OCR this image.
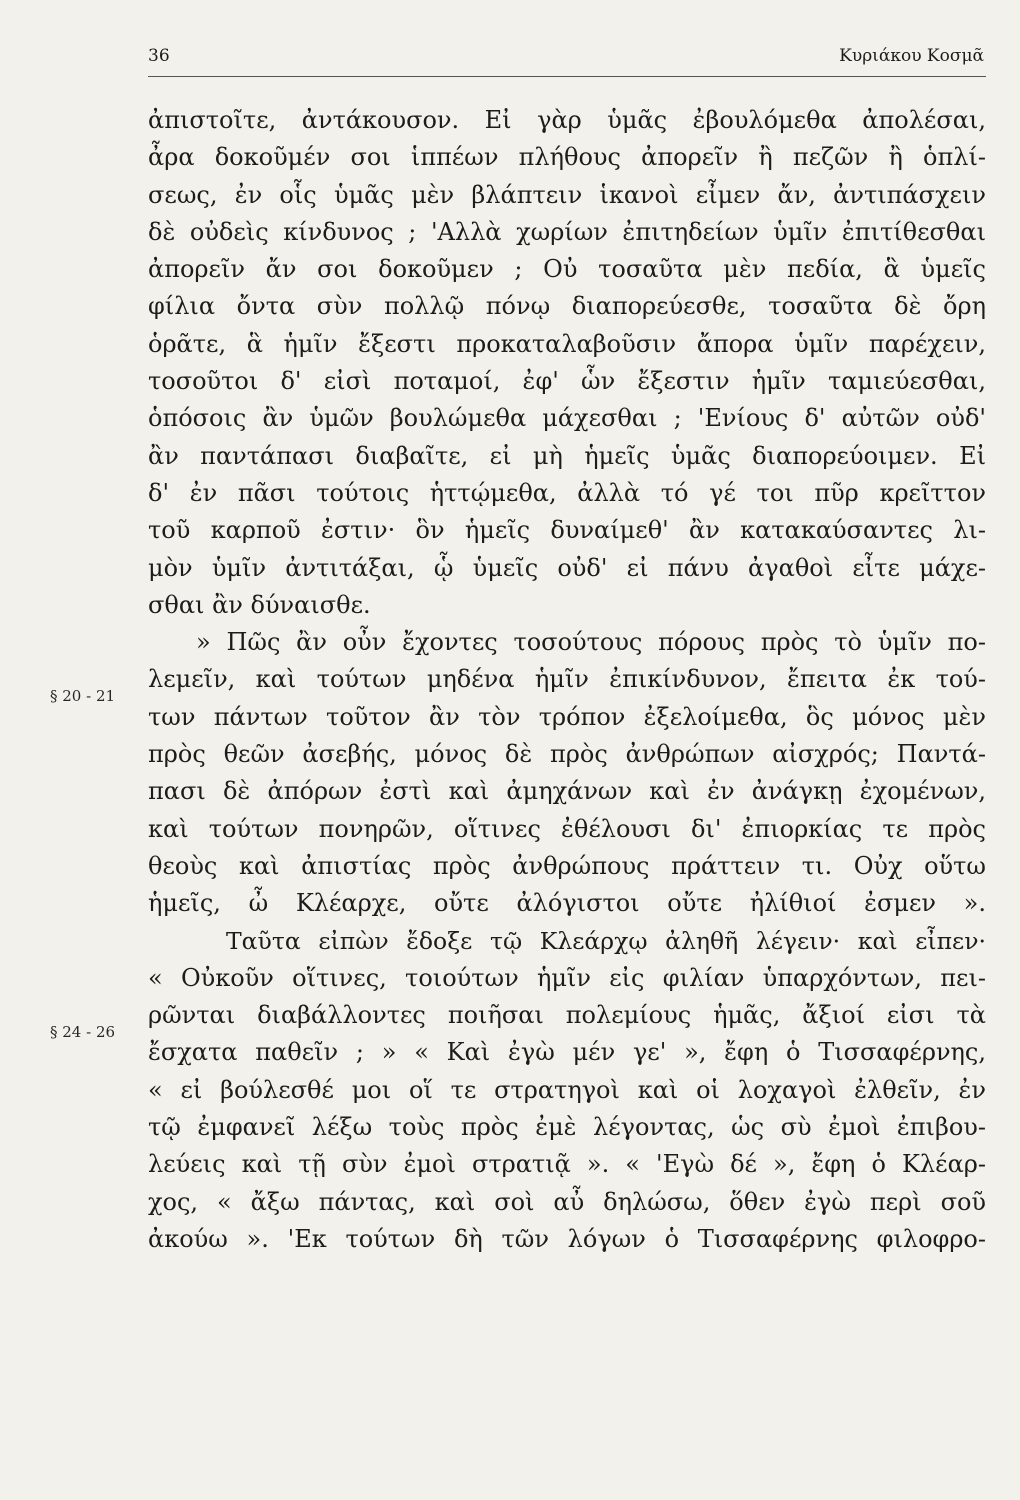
36	Κυριάκου Κοσμᾶ
§ 20 - 21
§ 24 - 26
ἀπιστοῖτε, ἀντάκουσον. Εἰ γὰρ ὑμᾶς ἐβουλόμεθα ἀπολέσαι,
ἆρα δοκοῦμέν σοι ἱππέων πλήθους ἀπορεῖν ἢ πεζῶν ἢ ὁπλί-
σεως, ἐν οἷς ὑμᾶς μὲν βλάπτειν ἱκανοὶ εἶμεν ἄν, ἀντιπάσχειν
δὲ οὐδεὶς κίνδυνος ; 'Αλλὰ χωρίων ἐπιτηδείων ὑμῖν ἐπιτίθεσθαι
ἀπορεῖν ἄν σοι δοκοῦμεν ; Οὐ τοσαῦτα μὲν πεδία, ἃ ὑμεῖς
φίλια ὄντα σὺν πολλῷ πόνῳ διαπορεύεσθε, τοσαῦτα δὲ ὄρη
ὁρᾶτε, ἃ ἡμῖν ἔξεστι προκαταλαβοῦσιν ἄπορα ὑμῖν παρέχειν,
τοσοῦτοι δ' εἰσὶ ποταμοί, ἐφ' ὧν ἔξεστιν ἡμῖν ταμιεύεσθαι,
ὁπόσοις ἂν ὑμῶν βουλώμεθα μάχεσθαι ; 'Ενίους δ' αὐτῶν οὐδ'
ἂν παντάπασι διαβαῖτε, εἰ μὴ ἡμεῖς ὑμᾶς διαπορεύοιμεν. Εἰ
δ' ἐν πᾶσι τούτοις ἡττῴμεθα, ἀλλὰ τό γέ τοι πῦρ κρεῖττον
τοῦ καρποῦ ἐστιν· ὃν ἡμεῖς δυναίμεθ' ἂν κατακαύσαντες λι-
μὸν ὑμῖν ἀντιτάξαι, ᾧ ὑμεῖς οὐδ' εἰ πάνυ ἀγαθοὶ εἶτε μάχε-
σθαι ἂν δύναισθε.
» Πῶς ἂν οὖν ἔχοντες τοσούτους πόρους πρὸς τὸ ὑμῖν πο-
λεμεῖν, καὶ τούτων μηδένα ἡμῖν ἐπικίνδυνον, ἔπειτα ἐκ τού-
των πάντων τοῦτον ἂν τὸν τρόπον ἐξελοίμεθα, ὃς μόνος μὲν
πρὸς θεῶν ἀσεβής, μόνος δὲ πρὸς ἀνθρώπων αἰσχρός; Παντά-
πασι δὲ ἀπόρων ἐστὶ καὶ ἀμηχάνων καὶ ἐν ἀνάγκῃ ἐχομένων,
καὶ τούτων πονηρῶν, οἵτινες ἐθέλουσι δι' ἐπιορκίας τε πρὸς
θεοὺς καὶ ἀπιστίας πρὸς ἀνθρώπους πράττειν τι. Οὐχ οὕτω
ἡμεῖς, ὦ Κλέαρχε, οὔτε ἀλόγιστοι οὔτε ἠλίθιοί ἐσμεν ».
Ταῦτα εἰπὼν ἔδοξε τῷ Κλεάρχῳ ἀληθῆ λέγειν· καὶ εἶπεν·
« Οὐκοῦν οἵτινες, τοιούτων ἡμῖν εἰς φιλίαν ὑπαρχόντων, πει-
ρῶνται διαβάλλοντες ποιῆσαι πολεμίους ἡμᾶς, ἄξιοί εἰσι τὰ
ἔσχατα παθεῖν ; » « Καὶ ἐγὼ μέν γε' », ἔφη ὁ Τισσαφέρνης,
« εἰ βούλεσθέ μοι οἵ τε στρατηγοὶ καὶ οἱ λοχαγοὶ ἐλθεῖν, ἐν
τῷ ἐμφανεῖ λέξω τοὺς πρὸς ἐμὲ λέγοντας, ὡς σὺ ἐμοὶ ἐπιβου-
λεύεις καὶ τῇ σὺν ἐμοὶ στρατιᾷ ». « 'Εγὼ δέ », ἔφη ὁ Κλέαρ-
χος, « ἄξω πάντας, καὶ σοὶ αὖ δηλώσω, ὅθεν ἐγὼ περὶ σοῦ
ἀκούω ». 'Εκ τούτων δὴ τῶν λόγων ὁ Τισσαφέρνης φιλοφρο-
